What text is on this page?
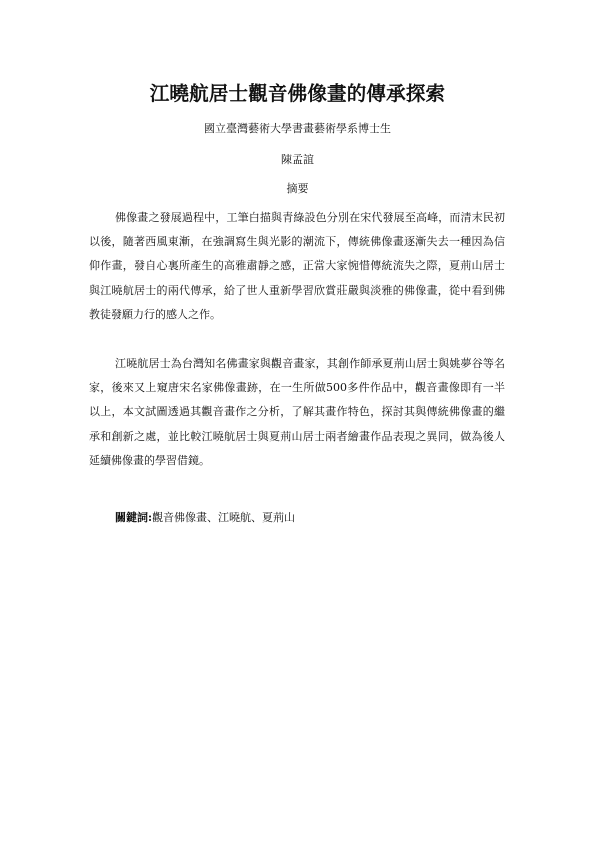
江曉航居士觀音佛像畫的傳承探索
國立臺灣藝術大學書畫藝術學系博士生
陳孟誼
摘要

佛像畫之發展過程中，工筆白描與青綠設色分別在宋代發展至高峰，而清末民初以後，隨著西風東漸，在強調寫生與光影的潮流下，傳統佛像畫逐漸失去一種因為信仰作畫，發自心裏所產生的高雅肅靜之感，正當大家惋惜傳統流失之際，夏荊山居士與江曉航居士的兩代傳承，給了世人重新學習欣賞莊嚴與淡雅的佛像畫，從中看到佛教徒發願力行的感人之作。

江曉航居士為台灣知名佛畫家與觀音畫家，其創作師承夏荊山居士與姚夢谷等名家，後來又上窺唐宋名家佛像畫跡，在一生所做500多件作品中，觀音畫像即有一半以上，本文試圖透過其觀音畫作之分析，了解其畫作特色，探討其與傳統佛像畫的繼承和創新之處，並比較江曉航居士與夏荊山居士兩者繪畫作品表現之異同，做為後人延續佛像畫的學習借鏡。

關鍵詞:觀音佛像畫、江曉航、夏荊山
